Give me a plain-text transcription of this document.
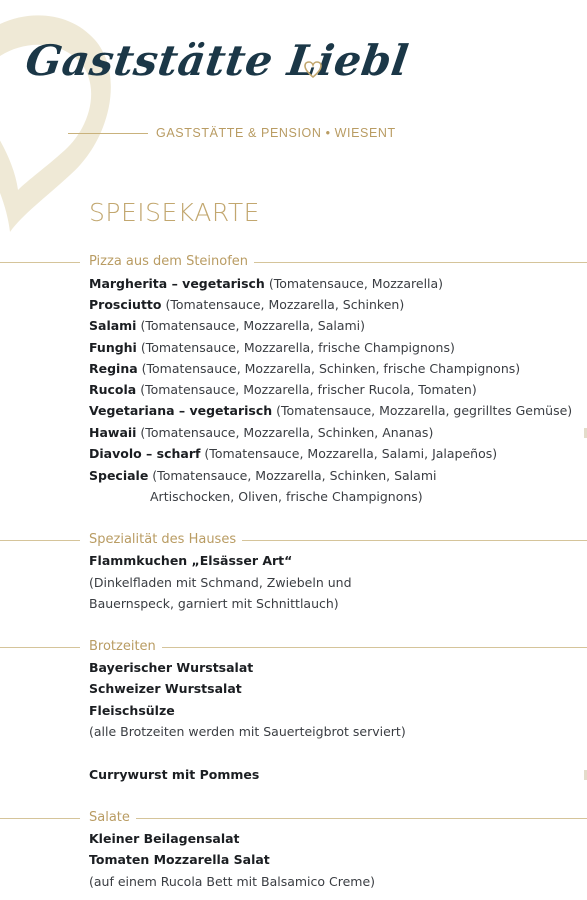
Gaststätte Liebl
GASTSTÄTTE & PENSION • WIESENT
SPEISEKARTE
Pizza aus dem Steinofen
Margherita – vegetarisch (Tomatensauce, Mozzarella)
Prosciutto (Tomatensauce, Mozzarella, Schinken)
Salami (Tomatensauce, Mozzarella, Salami)
Funghi (Tomatensauce, Mozzarella, frische Champignons)
Regina (Tomatensauce, Mozzarella, Schinken, frische Champignons)
Rucola (Tomatensauce, Mozzarella, frischer Rucola, Tomaten)
Vegetariana – vegetarisch (Tomatensauce, Mozzarella, gegrilltes Gemüse)
Hawaii (Tomatensauce, Mozzarella, Schinken, Ananas)
Diavolo – scharf (Tomatensauce, Mozzarella, Salami, Jalapeños)
Speciale (Tomatensauce, Mozzarella, Schinken, Salami
Artischocken, Oliven, frische Champignons)
Spezialität des Hauses
Flammkuchen „Elsässer Art“
(Dinkelfladen mit Schmand, Zwiebeln und
Bauernspeck, garniert mit Schnittlauch)
Brotzeiten
Bayerischer Wurstsalat
Schweizer Wurstsalat
Fleischsülze
(alle Brotzeiten werden mit Sauerteigbrot serviert)
Currywurst mit Pommes
Salate
Kleiner Beilagensalat
Tomaten Mozzarella Salat
(auf einem Rucola Bett mit Balsamico Creme)
